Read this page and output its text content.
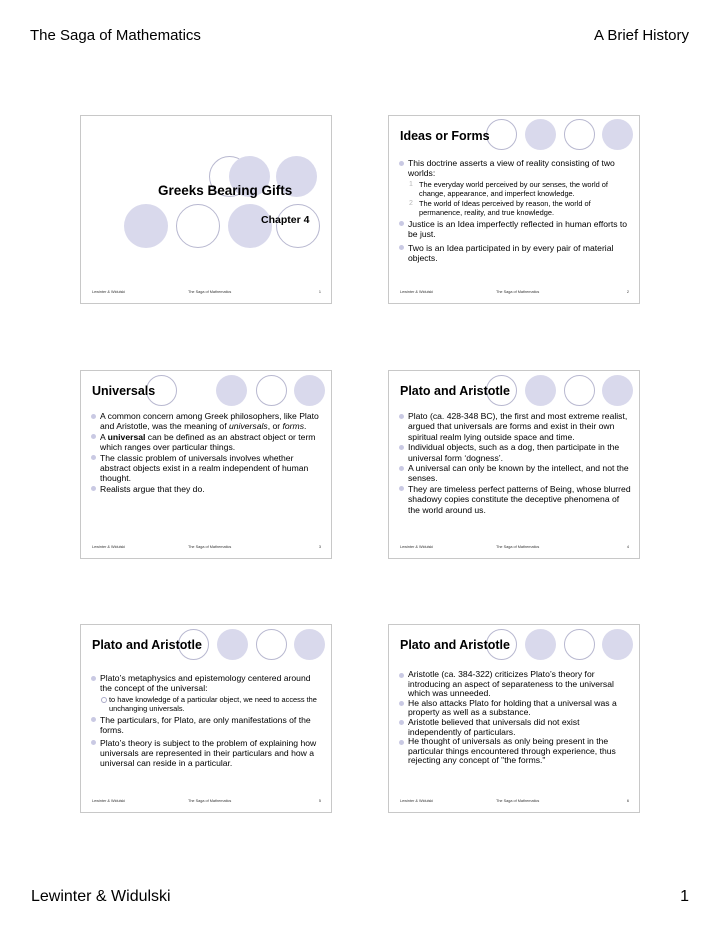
The Saga of Mathematics	A Brief History
Greeks Bearing Gifts
Chapter 4
Lewinter & Widulski	The Saga of Mathematics	1
Ideas or Forms
This doctrine asserts a view of reality consisting of two worlds:
1 The everyday world perceived by our senses, the world of change, appearance, and imperfect knowledge.
2 The world of Ideas perceived by reason, the world of permanence, reality, and true knowledge.
Justice is an Idea imperfectly reflected in human efforts to be just.
Two is an Idea participated in by every pair of material objects.
Lewinter & Widulski	The Saga of Mathematics	2
Universals
A common concern among Greek philosophers, like Plato and Aristotle, was the meaning of universals, or forms.
A universal can be defined as an abstract object or term which ranges over particular things.
The classic problem of universals involves whether abstract objects exist in a realm independent of human thought.
Realists argue that they do.
Lewinter & Widulski	The Saga of Mathematics	3
Plato and Aristotle
Plato (ca. 428-348 BC), the first and most extreme realist, argued that universals are forms and exist in their own spiritual realm lying outside space and time.
Individual objects, such as a dog, then participate in the universal form ‘dogness’.
A universal can only be known by the intellect, and not the senses.
They are timeless perfect patterns of Being, whose blurred shadowy copies constitute the deceptive phenomena of the world around us.
Lewinter & Widulski	The Saga of Mathematics	4
Plato and Aristotle
Plato’s metaphysics and epistemology centered around the concept of the universal:
to have knowledge of a particular object, we need to access the unchanging universals.
The particulars, for Plato, are only manifestations of the forms.
Plato’s theory is subject to the problem of explaining how universals are represented in their particulars and how a universal can reside in a particular.
Lewinter & Widulski	The Saga of Mathematics	5
Plato and Aristotle
Aristotle (ca. 384-322) criticizes Plato’s theory for introducing an aspect of separateness to the universal which was unneeded.
He also attacks Plato for holding that a universal was a property as well as a substance.
Aristotle believed that universals did not exist independently of particulars.
He thought of universals as only being present in the particular things encountered through experience, thus rejecting any concept of "the forms."
Lewinter & Widulski	The Saga of Mathematics	6
Lewinter & Widulski	1
